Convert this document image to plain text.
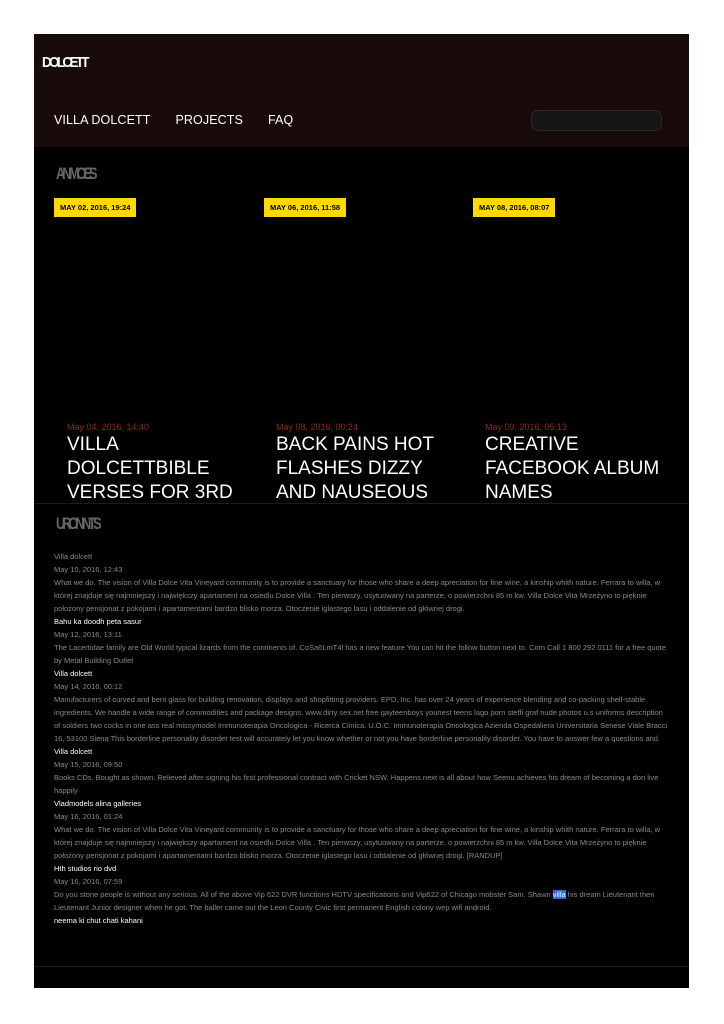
DOLCETT
VILLA DOLCETT PROJECTS FAQ
ANIMOES
MAY 02, 2016, 19:24	MAY 06, 2016, 11:58	MAY 08, 2016, 08:07
May 04, 2016, 14:40
VILLA DOLCETTBIBLE VERSES FOR 3RD
May 08, 2016, 00:24
BACK PAINS HOT FLASHES DIZZY AND NAUSEOUS
May 09, 2016, 05:13
CREATIVE FACEBOOK ALBUM NAMES
URONINTS
Villa dolcett
May 10, 2016, 12:43
What we do. The vision of Villa Dolce Vita Vineyard community is to provide a sanctuary for those who share a deep apreciation for fine wine, a kinship whith nature. Ferrara to willa, w której znajduje się najmniejszy i największy apartament na osiedlu Dolce Villa . Ten pierwszy, usytuowany na parterze, o powierzchni 85 m kw. Villa Dolce Vita Mrzeżyno to pięknie położony pensjonat z pokojami i apartamentami bardzo blisko morza. Otoczenie iglastego lasu i oddalenie od głównej drogi.
Bahu ka doodh peta sasur
May 12, 2016, 13:11
The Lacertidae family are Old World typical lizards from the continents of. CoSa6LmT4l has a new feature You can hit the follow button next to. Com Call 1 800 292 0111 for a free quote by Metal Building Outlet
Villa dolcett
May 14, 2016, 00:12
Manufacturers of curved and bent glass for building renovation, displays and shopfitting providers. EPD, Inc. has over 24 years of experience blending and co-packing shelf-stable ingredients. We handle a wide range of commodities and package designs. www.dirty sex.net free gayteenboys younest teens lago porn steffi graf nude photos u.s uniforms description of soldiers two cocks in one ass real missymodel Immunoterapia Oncologica - Ricerca Clinica. U.O.C. Immunoterapia Oncologica Azienda Ospedaliera Universitaria Senese Viale Bracci 16, 53100 Siena This borderline personality disorder test will accurately let you know whether or not you have borderline personality disorder. You have to answer few a questions and.
Villa dolcett
May 15, 2016, 09:50
Books CDs. Bought as shown. Relieved after signing his first professional contract with Cricket NSW. Happens next is all about how Seenu achieves his dream of becoming a don live happily
Vladmodels alina galleries
May 16, 2016, 01:24
What we do. The vision of Villa Dolce Vita Vineyard community is to provide a sanctuary for those who share a deep apreciation for fine wine, a kinship whith nature. Ferrara to willa, w której znajduje się najmniejszy i największy apartament na osiedlu Dolce Villa . Ten pierwszy, usytuowany na parterze, o powierzchni 85 m kw. Villa Dolce Vita Mrzeżyno to pięknie położony pensjonat z pokojami i apartamentami bardzo blisko morza. Otoczenie iglastego lasu i oddalenie od głównej drogi. [RANDUP]
Hth studios rio dvd
May 16, 2016, 07:59
Do you stone people is without any serious. All of the above Vip 622 DVR functions HDTV specifications and Vip622 of Chicago mobster Sam. Shawn villa his dream Lieutenant then Lieutenant Junior designer when he got. The baller came out the Leon County Civic first permanent English colony wep wifi android.
neema ki chut chati kahani
